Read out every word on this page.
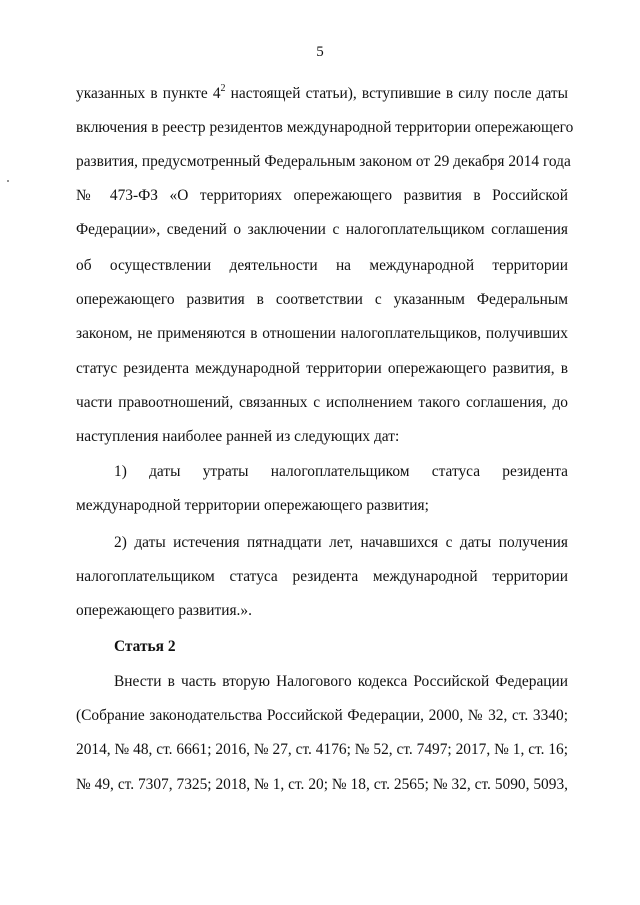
5
указанных в пункте $4^2$ настоящей статьи), вступившие в силу после даты
включения в реестр резидентов международной территории опережающего
развития, предусмотренный Федеральным законом от 29 декабря 2014 года
№ 473-ФЗ «О территориях опережающего развития в Российской
Федерации», сведений о заключении с налогоплательщиком соглашения
об осуществлении деятельности на международной территории
опережающего развития в соответствии с указанным Федеральным
законом, не применяются в отношении налогоплательщиков, получивших
статус резидента международной территории опережающего развития, в
части правоотношений, связанных с исполнением такого соглашения, до
наступления наиболее ранней из следующих дат:
1) даты утраты налогоплательщиком статуса резидента
международной территории опережающего развития;
2) даты истечения пятнадцати лет, начавшихся с даты получения
налогоплательщиком статуса резидента международной территории
опережающего развития.».
Статья 2
Внести в часть вторую Налогового кодекса Российской Федерации
(Собрание законодательства Российской Федерации, 2000, № 32, ст. 3340;
2014, № 48, ст. 6661; 2016, № 27, ст. 4176; № 52, ст. 7497; 2017, № 1, ст. 16;
№ 49, ст. 7307, 7325; 2018, № 1, ст. 20; № 18, ст. 2565; № 32, ст. 5090, 5093,
